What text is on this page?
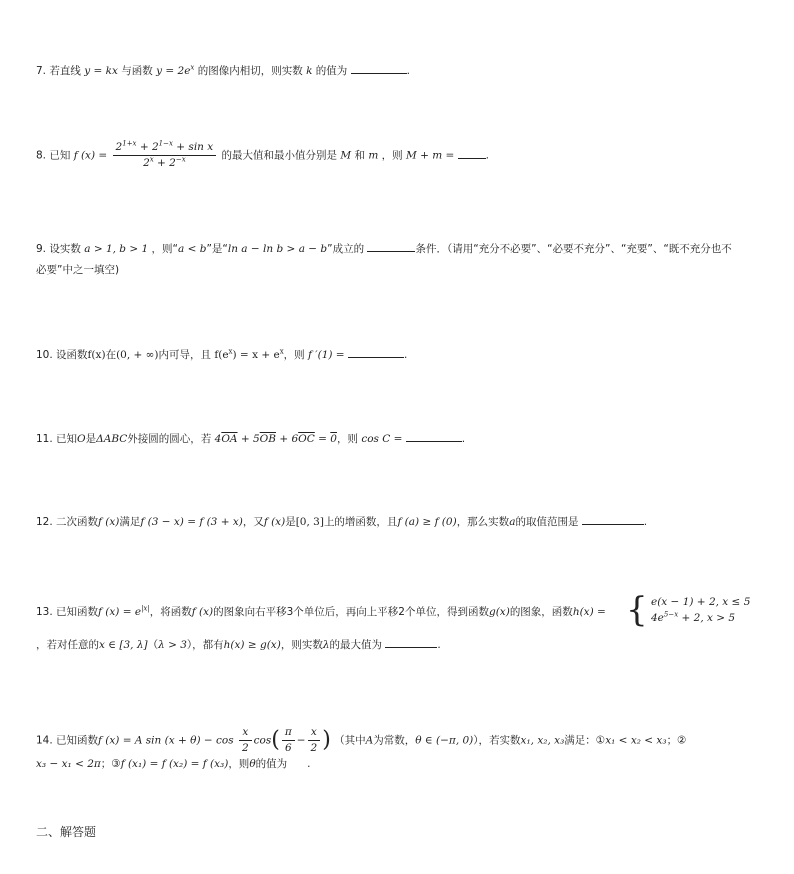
7. 若直线 y = kx 与函数 $y = 2e^x$ 的图像内相切，则实数 k 的值为	.
8. 已知 f $(x) = \frac{2^{1+x} + 2^{1-x} + \sin x}{2^x + 2^{-x}}$ 的最大值和最小值分别是 M 和 m ，则 M + m =	.
9. 设实数 a > 1, b > 1 ，则“a < b”是“ln a − ln b > a − b”成立的	条件．（请用“充分不必要”、“必要不充分”、“充要”、“既不充分也不
必要”中之一填空)
10. 设函数f(x)在(0, + ∞)内可导，且 $f(e^x) = x + e^x$，则 f ′(1) =	.
11. 已知O是ΔABC外接圆的圆心，若 $4\overline{OA} + 5\overline{OB} + 6\overline{OC} = 0$，则 cos C =	.
12. 二次函数f (x)满足f (3 − x) = f (3 + x)，又f (x)是[0, 3]上的增函数，且f (a) ≥ f (0)，那么实数a的取值范围是	.
13. 已知函数f $(x) = e^{|x|}$，将函数f (x)的图象向右平移3个单位后，再向上平移2个单位，得到函数g(x)的图象，函数h(x) = { e(x − 1) + 2, x ≤ 5
$4e^{5-x} + 2$, x > 5
，若对任意的x ∈ [3, λ]（λ > 3），都有h(x) ≥ g(x)，则实数λ的最大值为	.
14. 已知函数f (x) = A $\sin (x + \theta) - \cos \frac{x}{2} \cos( \frac{\pi}{6} - \frac{x}{2}$ ) （其中A为常数，θ ∈ (−π, 0)），若实数x₁, x₂, x₃满足：①x₁ < x₂ < x₃；②
x₃ − x₁ < 2π；③f (x₁) = f (x₂) = f (x₃)，则θ的值为 .
二、解答题
